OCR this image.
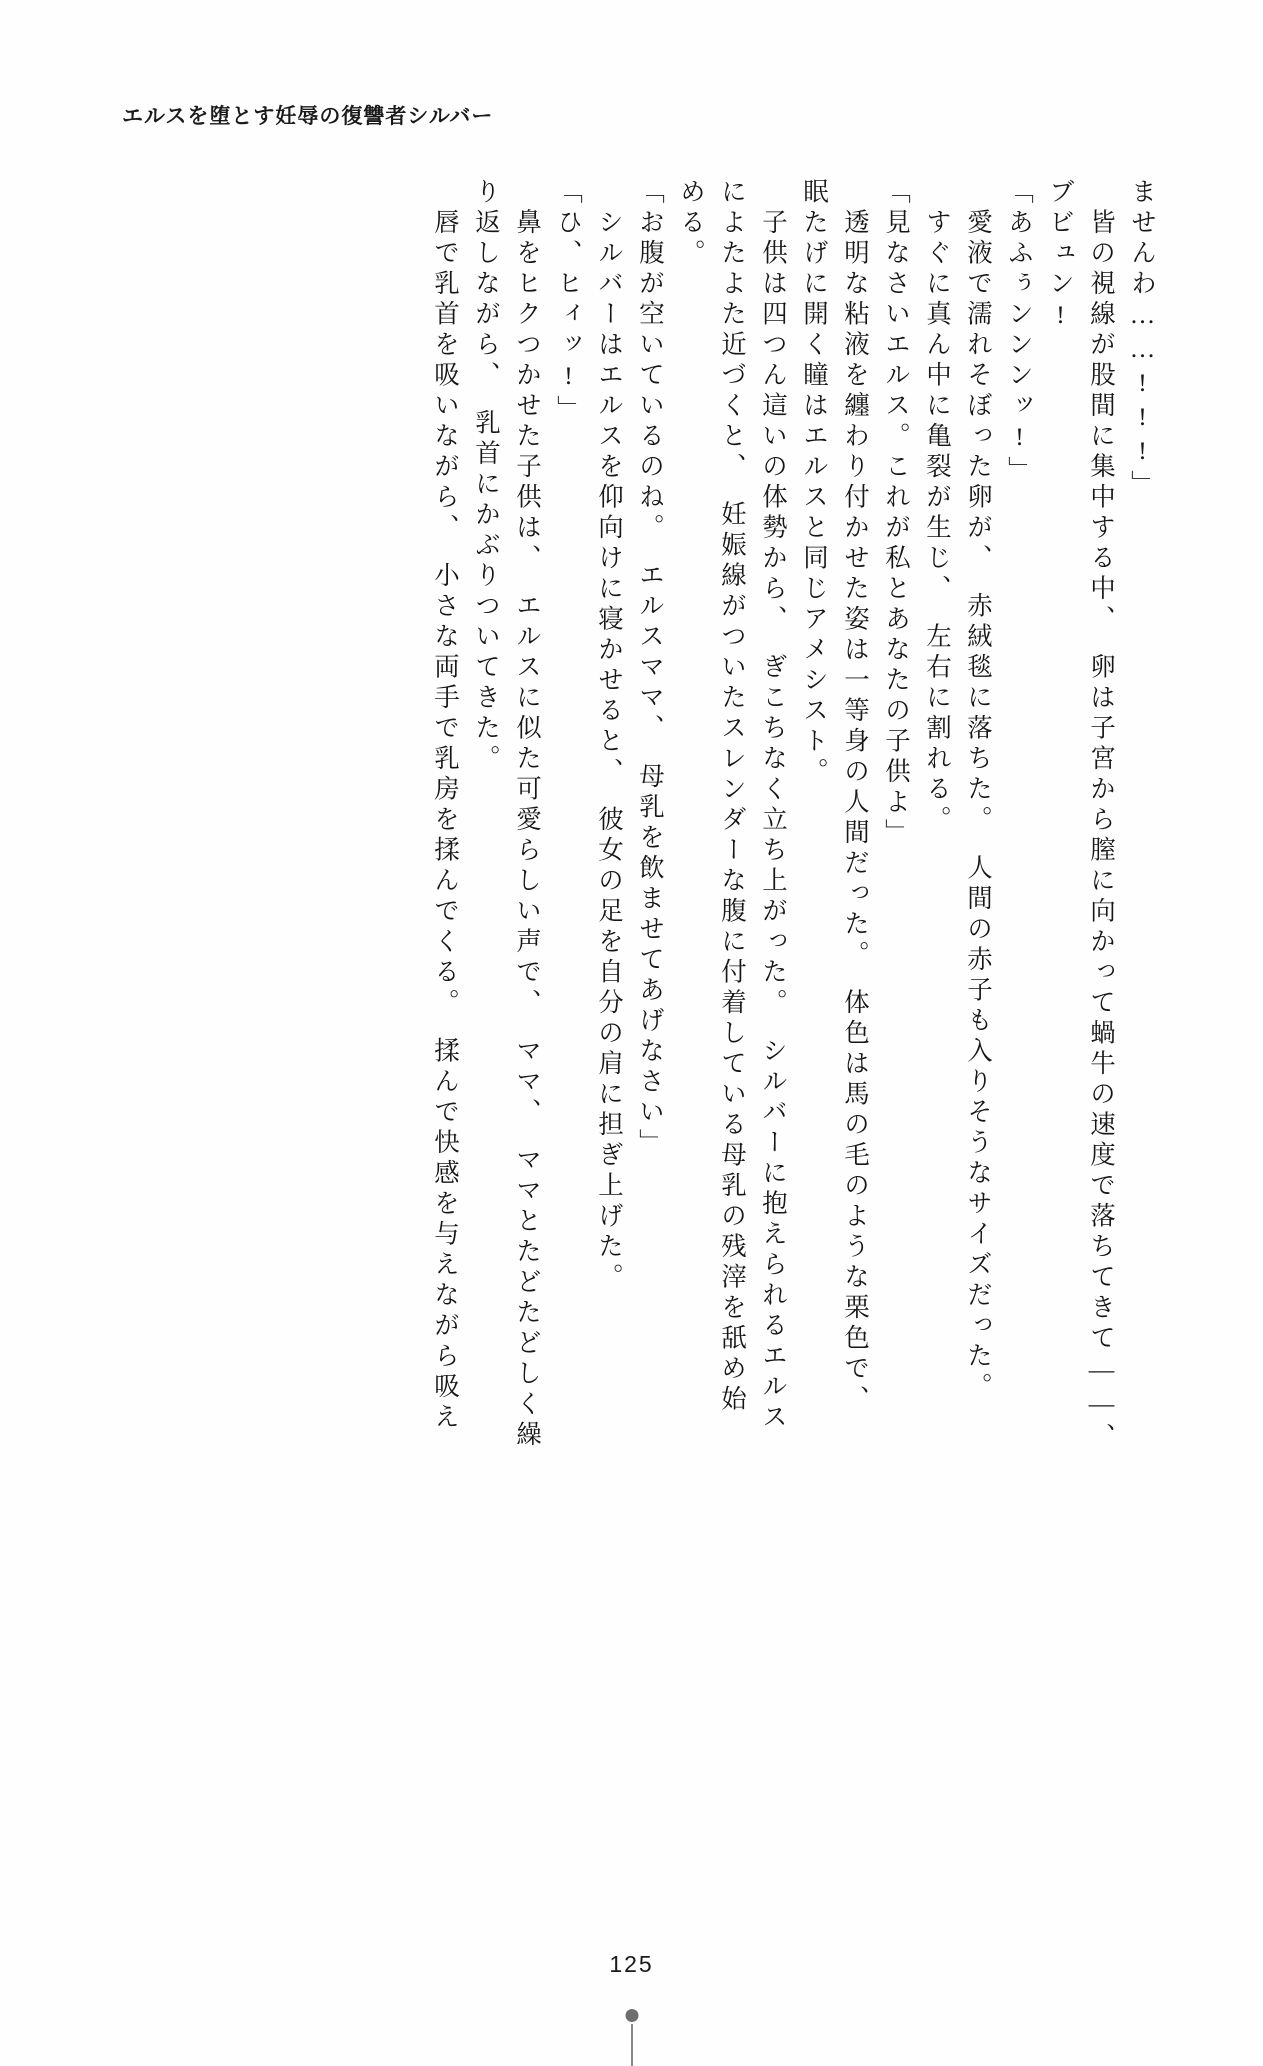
エルスを堕とす妊辱の復讐者シルバー
ませんわ……!!!」
　皆の視線が股間に集中する中、　卵は子宮から膣に向かって蝸牛の速度で落ちてきて——、
ブビュン!
「あふぅンンンッ!」
　愛液で濡れそぼった卵が、　赤絨毯に落ちた。　人間の赤子も入りそうなサイズだった。
　すぐに真ん中に亀裂が生じ、　左右に割れる。
「見なさいエルス。これが私とあなたの子供よ」
　透明な粘液を纏わり付かせた姿は一等身の人間だった。　体色は馬の毛のような栗色で、
眠たげに開く瞳はエルスと同じアメシスト。
　子供は四つん這いの体勢から、　ぎこちなく立ち上がった。　シルバーに抱えられるエルス
によたよた近づくと、　妊娠線がついたスレンダーな腹に付着している母乳の残滓を舐め始
める。
「お腹が空いているのね。　エルスママ、　母乳を飲ませてあげなさい」
　シルバーはエルスを仰向けに寝かせると、　彼女の足を自分の肩に担ぎ上げた。
「ひ、ヒィッ!」
　鼻をヒクつかせた子供は、　エルスに似た可愛らしい声で、　ママ、　ママとたどたどしく繰
り返しながら、　乳首にかぶりついてきた。
　唇で乳首を吸いながら、　小さな両手で乳房を揉んでくる。　揉んで快感を与えながら吸え
125
